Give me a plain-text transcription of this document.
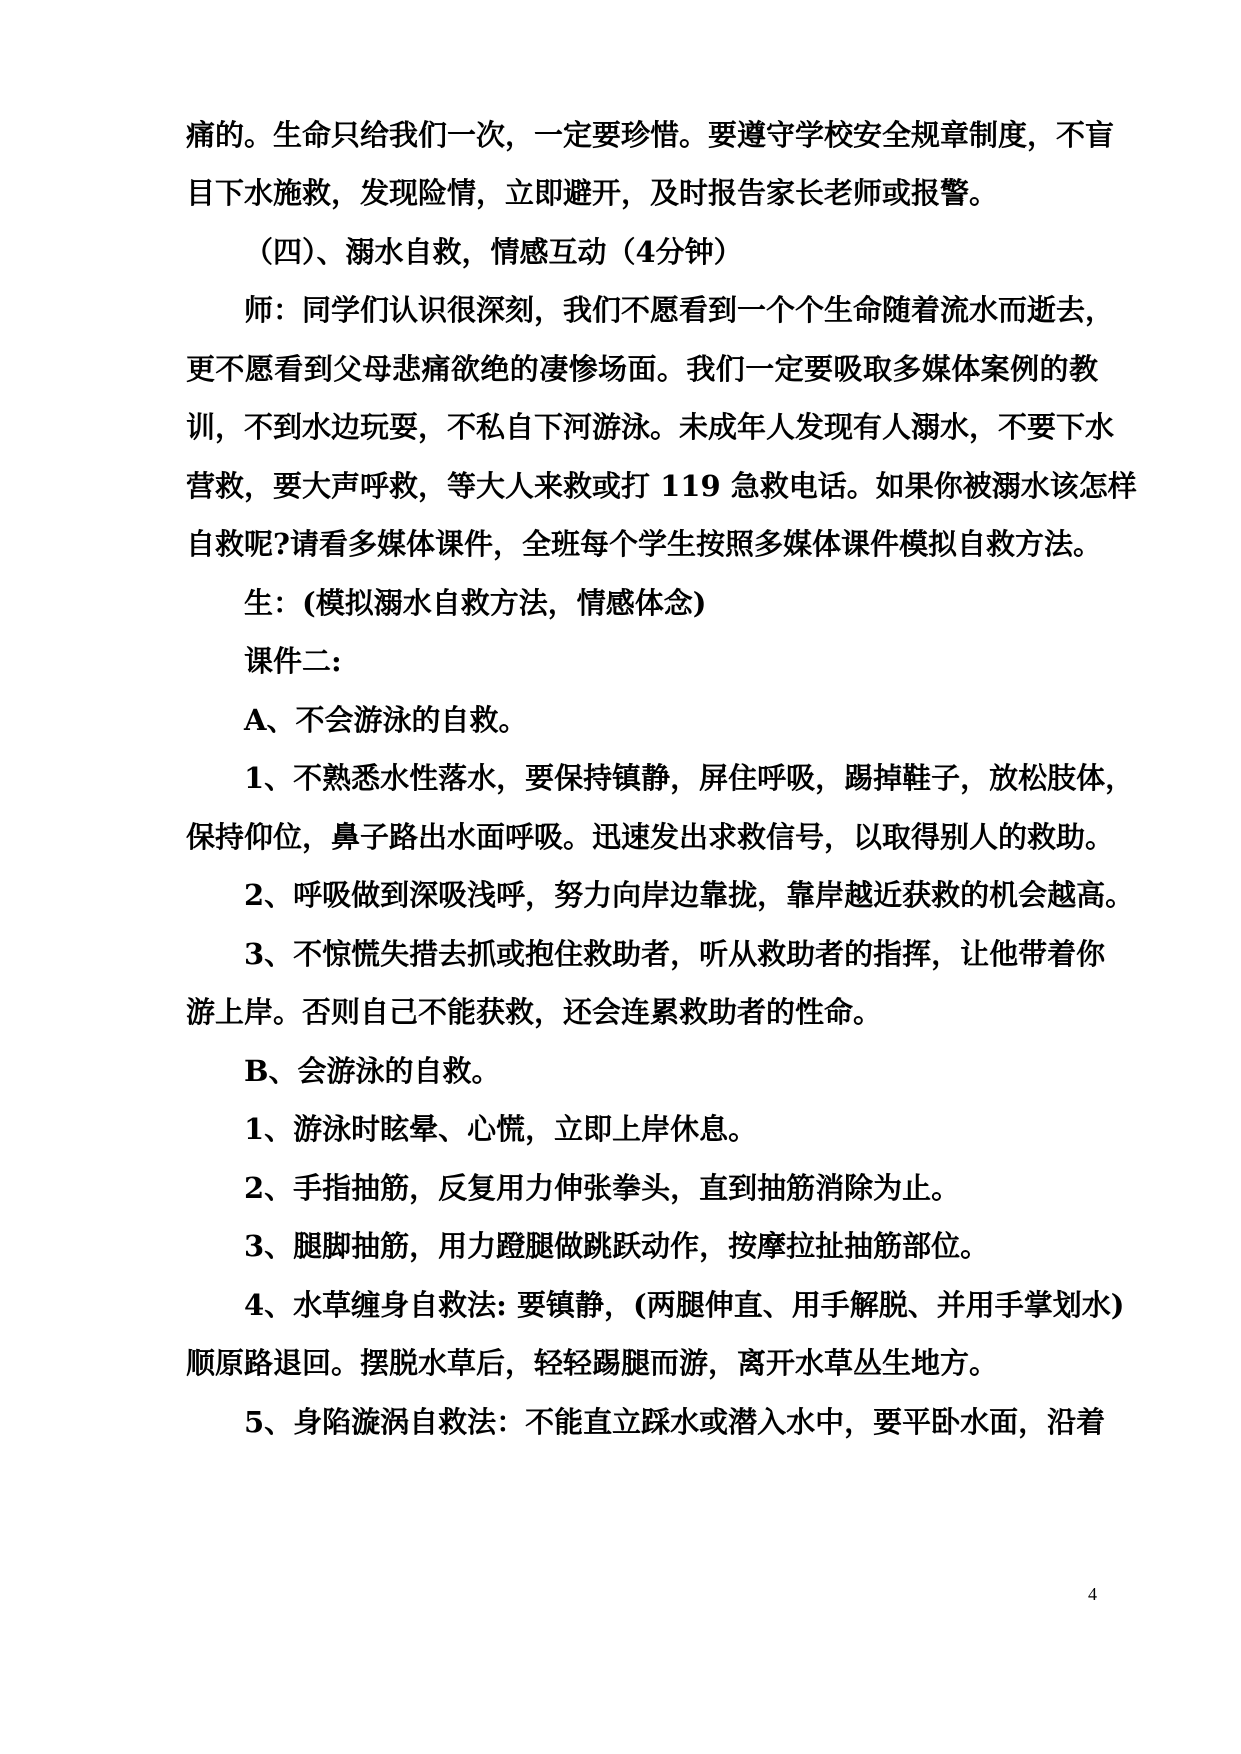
痛的。生命只给我们一次，一定要珍惜。要遵守学校安全规章制度，不盲
目下水施救，发现险情，立即避开，及时报告家长老师或报警。
（四）、溺水自救，情感互动（4分钟）
师：同学们认识很深刻，我们不愿看到一个个生命随着流水而逝去，
更不愿看到父母悲痛欲绝的凄惨场面。我们一定要吸取多媒体案例的教
训，不到水边玩耍，不私自下河游泳。未成年人发现有人溺水，不要下水
营救，要大声呼救，等大人来救或打 119 急救电话。如果你被溺水该怎样
自救呢?请看多媒体课件，全班每个学生按照多媒体课件模拟自救方法。
生：(模拟溺水自救方法，情感体念)
课件二:
A、不会游泳的自救。
1、不熟悉水性落水，要保持镇静，屏住呼吸，踢掉鞋子，放松肢体，
保持仰位，鼻子路出水面呼吸。迅速发出求救信号，以取得别人的救助。
2、呼吸做到深吸浅呼，努力向岸边靠拢，靠岸越近获救的机会越高。
3、不惊慌失措去抓或抱住救助者，听从救助者的指挥，让他带着你
游上岸。否则自己不能获救，还会连累救助者的性命。
B、会游泳的自救。
1、游泳时眩晕、心慌，立即上岸休息。
2、手指抽筋，反复用力伸张拳头，直到抽筋消除为止。
3、腿脚抽筋，用力蹬腿做跳跃动作，按摩拉扯抽筋部位。
4、水草缠身自救法: 要镇静，(两腿伸直、用手解脱、并用手掌划水)
顺原路退回。摆脱水草后，轻轻踢腿而游，离开水草丛生地方。
5、身陷漩涡自救法：不能直立踩水或潜入水中，要平卧水面，沿着
4
